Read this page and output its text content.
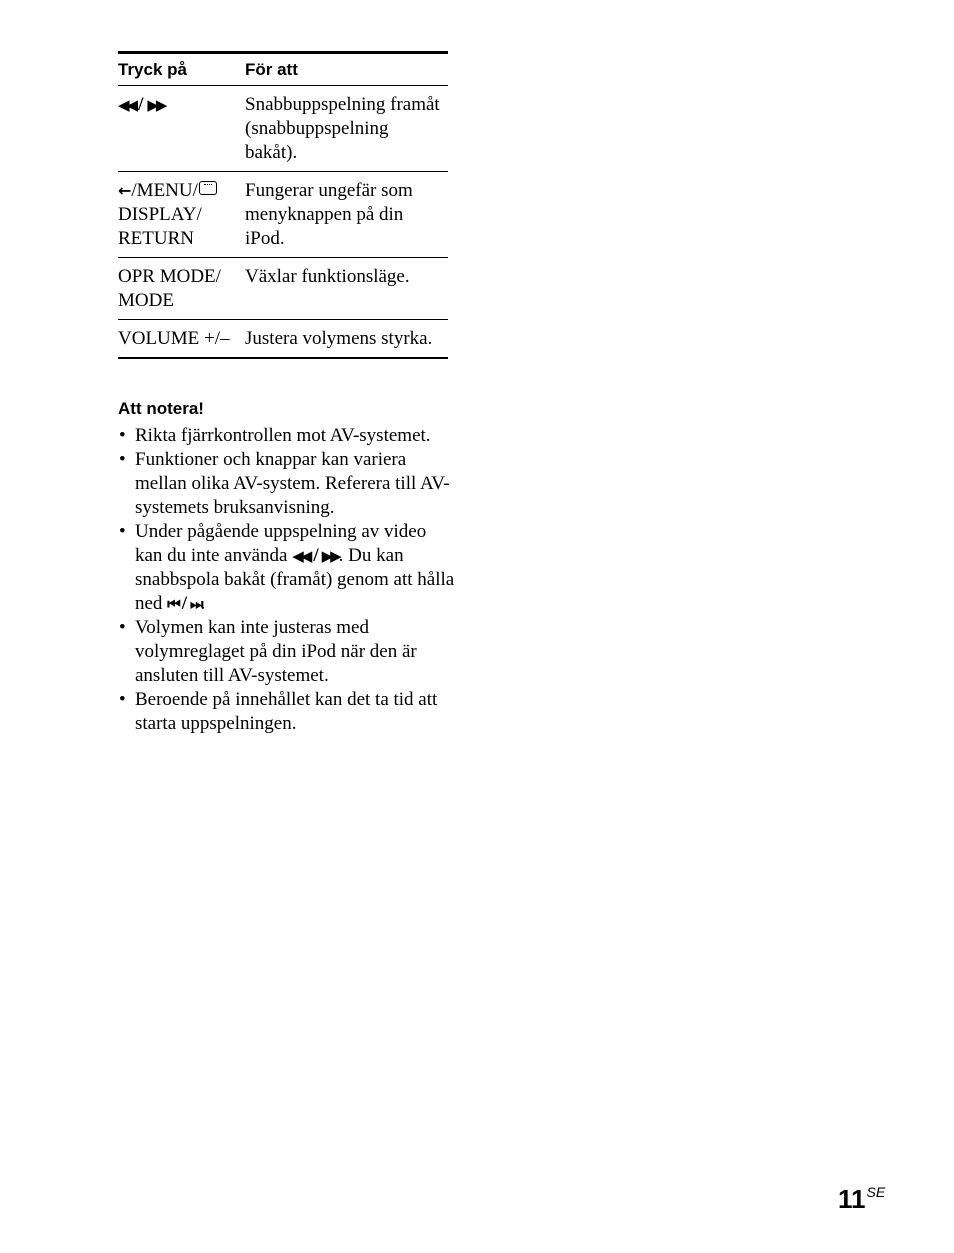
Tryck på	För att
◀◀ / ▶▶	Snabbuppspelning framåt (snabbuppspelning bakåt).
←/MENU/ DISPLAY/ RETURN	Fungerar ungefär som menyknappen på din iPod.
OPR MODE/ MODE	Växlar funktionsläge.
VOLUME +/–	Justera volymens styrka.
Att notera!
• Rikta fjärrkontrollen mot AV-systemet.
• Funktioner och knappar kan variera mellan olika AV-system. Referera till AV-systemets bruksanvisning.
• Under pågående uppspelning av video kan du inte använda ◀◀ / ▶▶. Du kan snabbspola bakåt (framåt) genom att hålla ned ⏮ / ⏭.
• Volymen kan inte justeras med volymreglaget på din iPod när den är ansluten till AV-systemet.
• Beroende på innehållet kan det ta tid att starta uppspelningen.
$11^{SE}$
